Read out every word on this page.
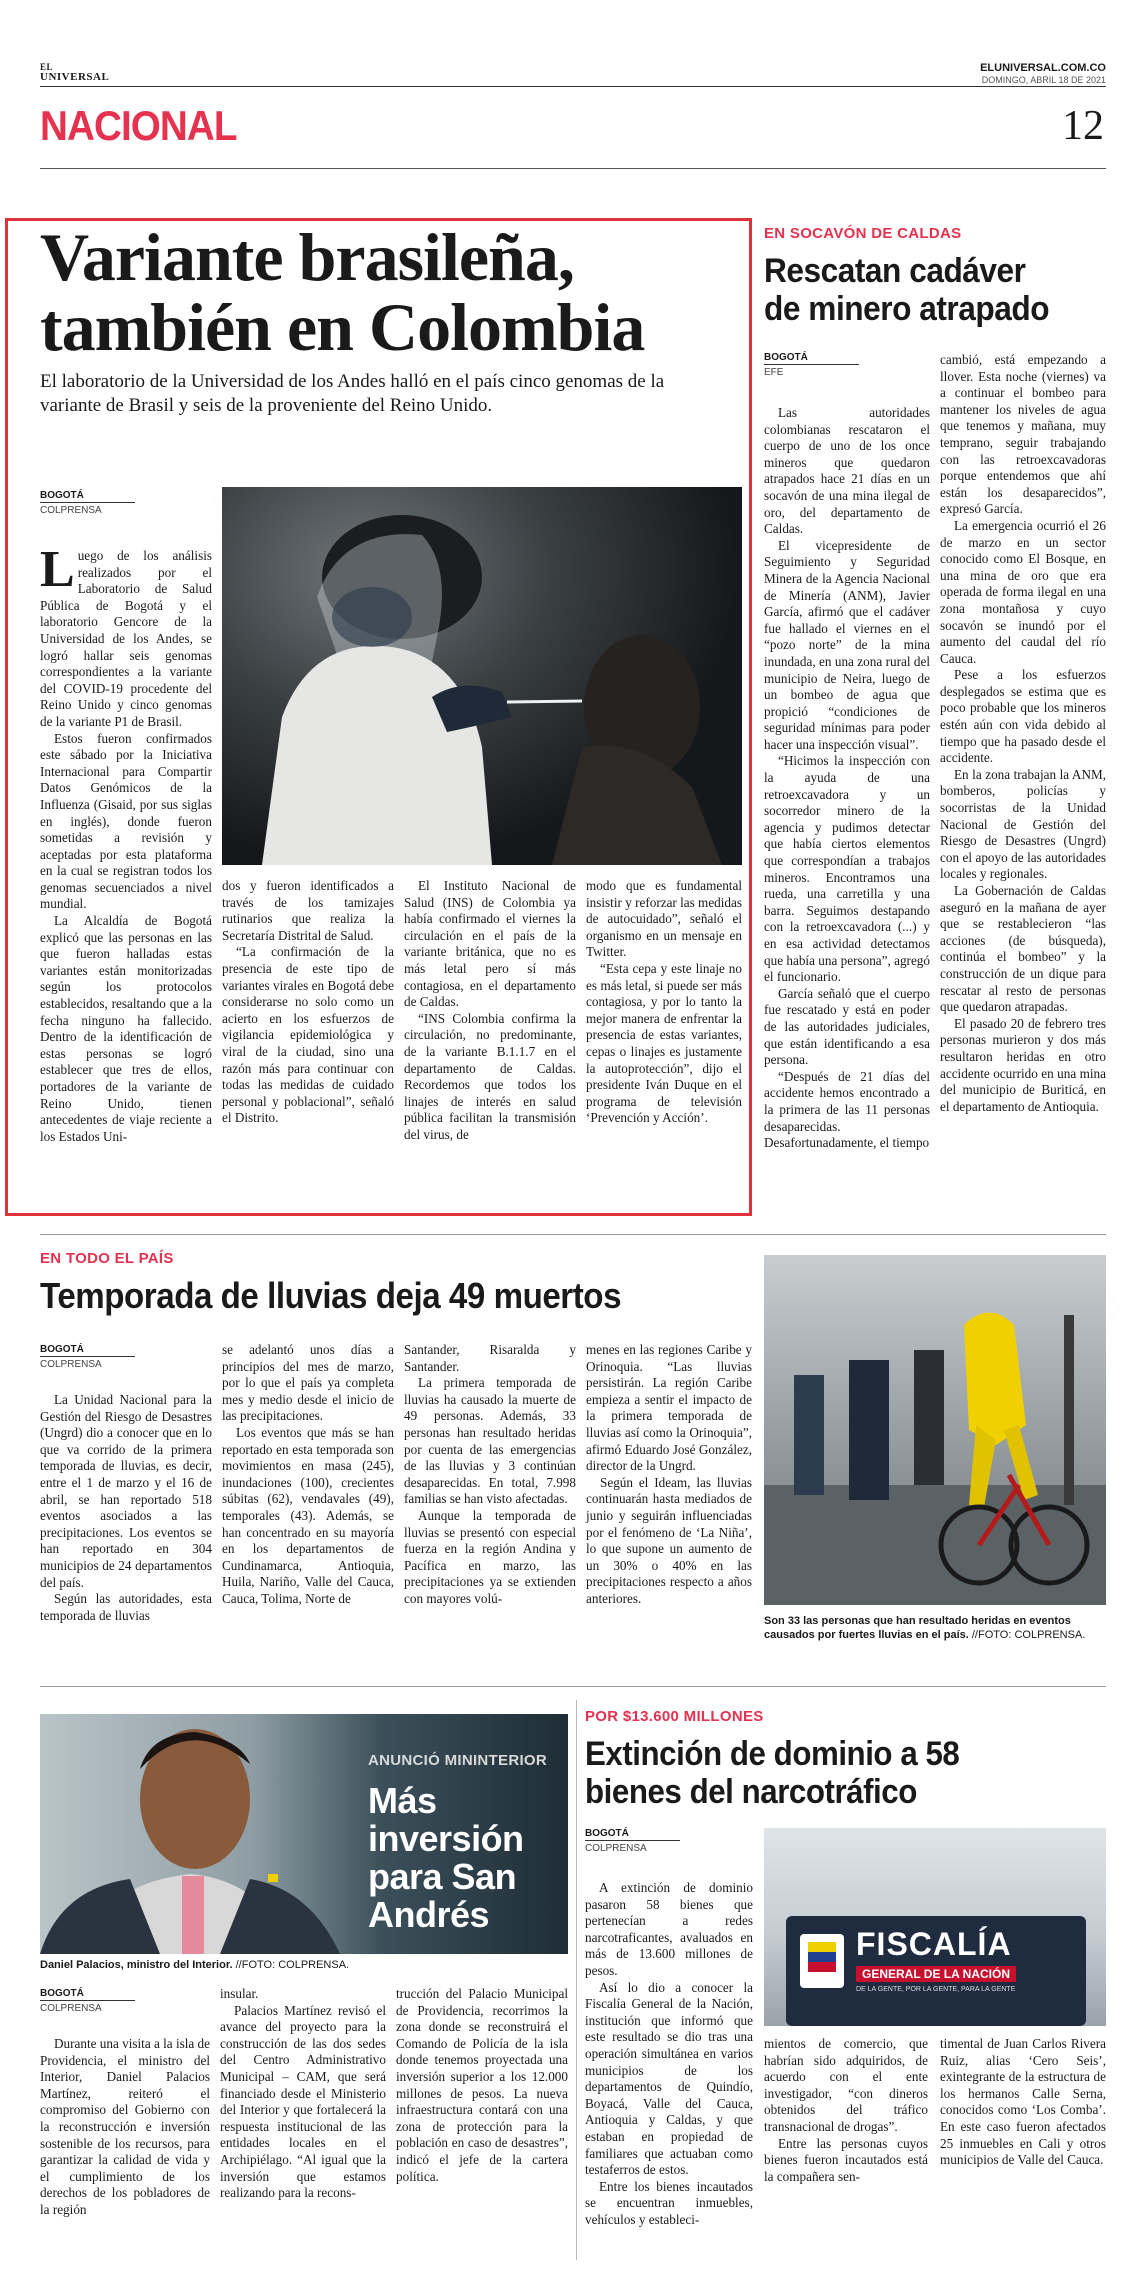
EL
UNIVERSAL
ELUNIVERSAL.COM.CO
DOMINGO, ABRIL 18 DE 2021
NACIONAL	12
Variante brasileña,
también en Colombia
El laboratorio de la Universidad de los Andes halló en el país cinco genomas de la variante de Brasil y seis de la proveniente del Reino Unido.
BOGOTÁ
COLPRENSA

Luego de los análisis realizados por el Laboratorio de Salud Pública de Bogotá y el laboratorio Gencore de la Universidad de los Andes, se logró hallar seis genomas correspondientes a la variante del COVID-19 procedente del Reino Unido y cinco genomas de la variante P1 de Brasil.

Estos fueron confirmados este sábado por la Iniciativa Internacional para Compartir Datos Genómicos de la Influenza (Gisaid, por sus siglas en inglés), donde fueron sometidas a revisión y aceptadas por esta plataforma en la cual se registran todos los genomas secuenciados a nivel mundial.

La Alcaldía de Bogotá explicó que las personas en las que fueron halladas estas variantes están monitorizadas según los protocolos establecidos, resaltando que a la fecha ninguno ha fallecido. Dentro de la identificación de estas personas se logró establecer que tres de ellos, portadores de la variante de Reino Unido, tienen antecedentes de viaje reciente a los Estados Uni-

dos y fueron identificados a través de los tamizajes rutinarios que realiza la Secretaría Distrital de Salud.

“La confirmación de la presencia de este tipo de variantes virales en Bogotá debe considerarse no solo como un acierto en los esfuerzos de vigilancia epidemiológica y viral de la ciudad, sino una razón más para continuar con todas las medidas de cuidado personal y poblacional”, señaló el Distrito.

El Instituto Nacional de Salud (INS) de Colombia ya había confirmado el viernes la circulación en el país de la variante británica, que no es más letal pero sí más contagiosa, en el departamento de Caldas.

“INS Colombia confirma la circulación, no predominante, de la variante B.1.1.7 en el departamento de Caldas. Recordemos que todos los linajes de interés en salud pública facilitan la transmisión del virus, de

modo que es fundamental insistir y reforzar las medidas de autocuidado”, señaló el organismo en un mensaje en Twitter.

“Esta cepa y este linaje no es más letal, si puede ser más contagiosa, y por lo tanto la mejor manera de enfrentar la presencia de estas variantes, cepas o linajes es justamente la autoprotección”, dijo el presidente Iván Duque en el programa de televisión ‘Prevención y Acción’.

EN SOCAVÓN DE CALDAS
Rescatan cadáver
de minero atrapado
BOGOTÁ
EFE

Las autoridades colombianas rescataron el cuerpo de uno de los once mineros que quedaron atrapados hace 21 días en un socavón de una mina ilegal de oro, del departamento de Caldas.

El vicepresidente de Seguimiento y Seguridad Minera de la Agencia Nacional de Minería (ANM), Javier García, afirmó que el cadáver fue hallado el viernes en el “pozo norte” de la mina inundada, en una zona rural del municipio de Neira, luego de un bombeo de agua que propició “condiciones de seguridad mínimas para poder hacer una inspección visual”.

“Hicimos la inspección con la ayuda de una retroexcavadora y un socorredor minero de la agencia y pudimos detectar que había ciertos elementos que correspondían a trabajos mineros. Encontramos una rueda, una carretilla y una barra. Seguimos destapando con la retroexcavadora (...) y en esa actividad detectamos que había una persona”, agregó el funcionario.

García señaló que el cuerpo fue rescatado y está en poder de las autoridades judiciales, que están identificando a esa persona.

“Después de 21 días del accidente hemos encontrado a la primera de las 11 personas desaparecidas. Desafortunadamente, el tiempo

cambió, está empezando a llover. Esta noche (viernes) va a continuar el bombeo para mantener los niveles de agua que tenemos y mañana, muy temprano, seguir trabajando con las retroexcavadoras porque entendemos que ahí están los desaparecidos”, expresó García.

La emergencia ocurrió el 26 de marzo en un sector conocido como El Bosque, en una mina de oro que era operada de forma ilegal en una zona montañosa y cuyo socavón se inundó por el aumento del caudal del río Cauca.

Pese a los esfuerzos desplegados se estima que es poco probable que los mineros estén aún con vida debido al tiempo que ha pasado desde el accidente.

En la zona trabajan la ANM, bomberos, policías y socorristas de la Unidad Nacional de Gestión del Riesgo de Desastres (Ungrd) con el apoyo de las autoridades locales y regionales.

La Gobernación de Caldas aseguró en la mañana de ayer que se restablecieron “las acciones (de búsqueda), continúa el bombeo” y la construcción de un dique para rescatar al resto de personas que quedaron atrapadas.

El pasado 20 de febrero tres personas murieron y dos más resultaron heridas en otro accidente ocurrido en una mina del municipio de Buriticá, en el departamento de Antioquia.

EN TODO EL PAÍS
Temporada de lluvias deja 49 muertos
BOGOTÁ
COLPRENSA

La Unidad Nacional para la Gestión del Riesgo de Desastres (Ungrd) dio a conocer que en lo que va corrido de la primera temporada de lluvias, es decir, entre el 1 de marzo y el 16 de abril, se han reportado 518 eventos asociados a las precipitaciones. Los eventos se han reportado en 304 municipios de 24 departamentos del país.

Según las autoridades, esta temporada de lluvias

se adelantó unos días a principios del mes de marzo, por lo que el país ya completa mes y medio desde el inicio de las precipitaciones.

Los eventos que más se han reportado en esta temporada son movimientos en masa (245), inundaciones (100), crecientes súbitas (62), vendavales (49), temporales (43). Además, se han concentrado en su mayoría en los departamentos de Cundinamarca, Antioquia, Huila, Nariño, Valle del Cauca, Cauca, Tolima, Norte de

Santander, Risaralda y Santander.

La primera temporada de lluvias ha causado la muerte de 49 personas. Además, 33 personas han resultado heridas por cuenta de las emergencias de las lluvias y 3 continúan desaparecidas. En total, 7.998 familias se han visto afectadas.

Aunque la temporada de lluvias se presentó con especial fuerza en la región Andina y Pacífica en marzo, las precipitaciones ya se extienden con mayores volú-

menes en las regiones Caribe y Orinoquia. “Las lluvias persistirán. La región Caribe empieza a sentir el impacto de la primera temporada de lluvias así como la Orinoquia”, afirmó Eduardo José González, director de la Ungrd.

Según el Ideam, las lluvias continuarán hasta mediados de junio y seguirán influenciadas por el fenómeno de ‘La Niña’, lo que supone un aumento de un 30% o 40% en las precipitaciones respecto a años anteriores.

Son 33 las personas que han resultado heridas en eventos causados por fuertes lluvias en el país. //FOTO: COLPRENSA.
ANUNCIÓ MININTERIOR
Más
inversión
para San
Andrés
Daniel Palacios, ministro del Interior. //FOTO: COLPRENSA.
BOGOTÁ
COLPRENSA

Durante una visita a la isla de Providencia, el ministro del Interior, Daniel Palacios Martínez, reiteró el compromiso del Gobierno con la reconstrucción e inversión sostenible de los recursos, para garantizar la calidad de vida y el cumplimiento de los derechos de los pobladores de la región

insular.

Palacios Martínez revisó el avance del proyecto para la construcción de las dos sedes del Centro Administrativo Municipal – CAM, que será financiado desde el Ministerio del Interior y que fortalecerá la respuesta institucional de las entidades locales en el Archipiélago. “Al igual que la inversión que estamos realizando para la recons-

trucción del Palacio Municipal de Providencia, recorrimos la zona donde se reconstruirá el Comando de Policía de la isla donde tenemos proyectada una inversión superior a los 12.000 millones de pesos. La nueva infraestructura contará con una zona de protección para la población en caso de desastres”, indicó el jefe de la cartera política.

POR $13.600 MILLONES
Extinción de dominio a 58
bienes del narcotráfico
BOGOTÁ
COLPRENSA
FISCALÍA
GENERAL DE LA NACIÓN
DE LA GENTE, POR LA GENTE, PARA LA GENTE

A extinción de dominio pasaron 58 bienes que pertenecían a redes narcotraficantes, avaluados en más de 13.600 millones de pesos.

Así lo dio a conocer la Fiscalía General de la Nación, institución que informó que este resultado se dio tras una operación simultánea en varios municipios de los departamentos de Quindío, Boyacá, Valle del Cauca, Antioquia y Caldas, y que estaban en propiedad de familiares que actuaban como testaferros de estos.

Entre los bienes incautados se encuentran inmuebles, vehículos y estableci-

mientos de comercio, que habrían sido adquiridos, de acuerdo con el ente investigador, “con dineros obtenidos del tráfico transnacional de drogas”.

Entre las personas cuyos bienes fueron incautados está la compañera sen-

timental de Juan Carlos Rivera Ruiz, alias ‘Cero Seis’, exintegrante de la estructura de los hermanos Calle Serna, conocidos como ‘Los Comba’. En este caso fueron afectados 25 inmuebles en Cali y otros municipios de Valle del Cauca.
